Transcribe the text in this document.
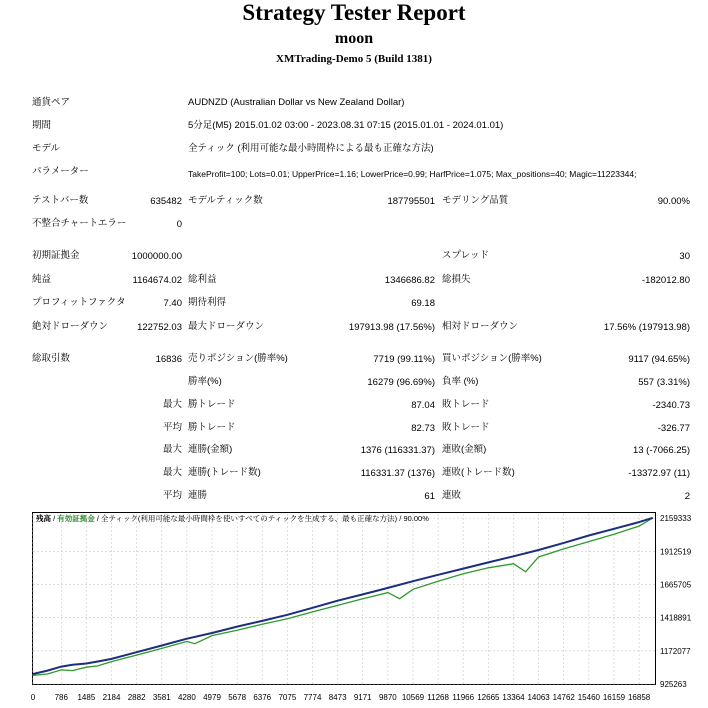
Strategy Tester Report
moon
XMTrading-Demo 5 (Build 1381)
通貨ペア	AUDNZD (Australian Dollar vs New Zealand Dollar)
期間	5分足(M5) 2015.01.02 03:00 - 2023.08.31 07:15 (2015.01.01 - 2024.01.01)
モデル	全ティック (利用可能な最小時間枠による最も正確な方法)
パラメーター	TakeProfit=100; Lots=0.01; UpperPrice=1.16; LowerPrice=0.99; HarfPrice=1.075; Max_positions=40; Magic=11223344;
テストバー数	635482 モデルティック数	187795501 モデリング品質	90.00%
不整合チャートエラー	0
初期証拠金	1000000.00	スプレッド	30
純益	1164674.02 総利益	1346686.82 総損失	-182012.80
プロフィットファクタ	7.40 期待利得	69.18
絶対ドローダウン	122752.03 最大ドローダウン	197913.98 (17.56%) 相対ドローダウン	17.56% (197913.98)
総取引数	16836 売りポジション(勝率%)	7719 (99.11%) 買いポジション(勝率%)	9117 (94.65%)
勝率(%)	16279 (96.69%) 負率 (%)	557 (3.31%)
最大 勝トレード	87.04 敗トレード	-2340.73
平均 勝トレード	82.73 敗トレード	-326.77
最大 連勝(金額)	1376 (116331.37) 連敗(金額)	13 (-7066.25)
最大 連勝(トレード数)	116331.37 (1376) 連敗(トレード数)	-13372.97 (11)
平均 連勝	61 連敗	2
残高 / 有効証拠金 / 全ティック(利用可能な最小時間枠を使いすべてのティックを生成する、最も正確な方法) / 90.00%
925263
1172077
1418891
1665705
1912519
2159333
0 786 1485 2184 2882 3581 4280 4979 5678 6376 7075 7774 8473 9171 9870 10569 11268 11966 12665 13364 14063 14762 15460 16159 16858
